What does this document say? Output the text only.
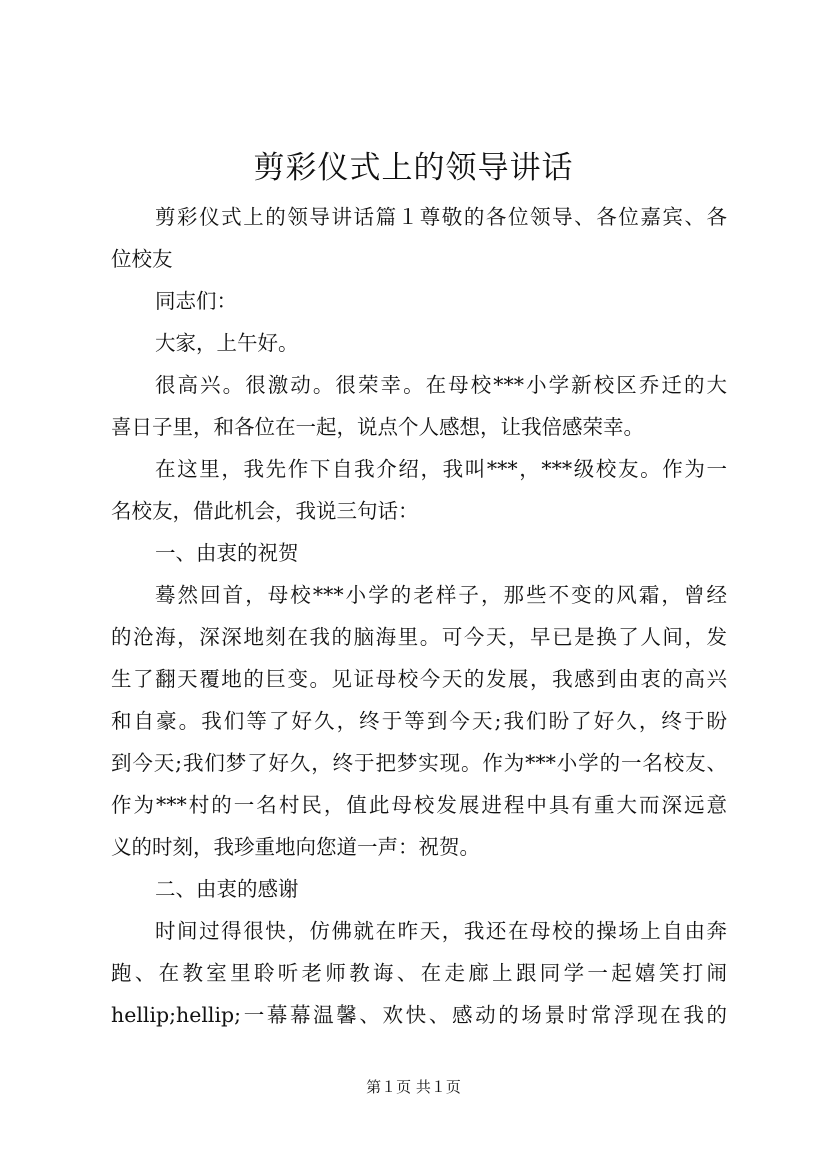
剪彩仪式上的领导讲话
剪彩仪式上的领导讲话篇１尊敬的各位领导、各位嘉宾、各
位校友
同志们：
大家，上午好。
很高兴。很激动。很荣幸。在母校***小学新校区乔迁的大
喜日子里，和各位在一起，说点个人感想，让我倍感荣幸。
在这里，我先作下自我介绍，我叫***，***级校友。作为一
名校友，借此机会，我说三句话：
一、由衷的祝贺
蓦然回首，母校***小学的老样子，那些不变的风霜，曾经
的沧海，深深地刻在我的脑海里。可今天，早已是换了人间，发
生了翻天覆地的巨变。见证母校今天的发展，我感到由衷的高兴
和自豪。我们等了好久，终于等到今天;我们盼了好久，终于盼
到今天;我们梦了好久，终于把梦实现。作为***小学的一名校友、
作为***村的一名村民，值此母校发展进程中具有重大而深远意
义的时刻，我珍重地向您道一声：祝贺。
二、由衷的感谢
时间过得很快，仿佛就在昨天，我还在母校的操场上自由奔
跑、在教室里聆听老师教诲、在走廊上跟同学一起嬉笑打闹
hellip;hellip;一幕幕温馨、欢快、感动的场景时常浮现在我的
第１页 共１页
